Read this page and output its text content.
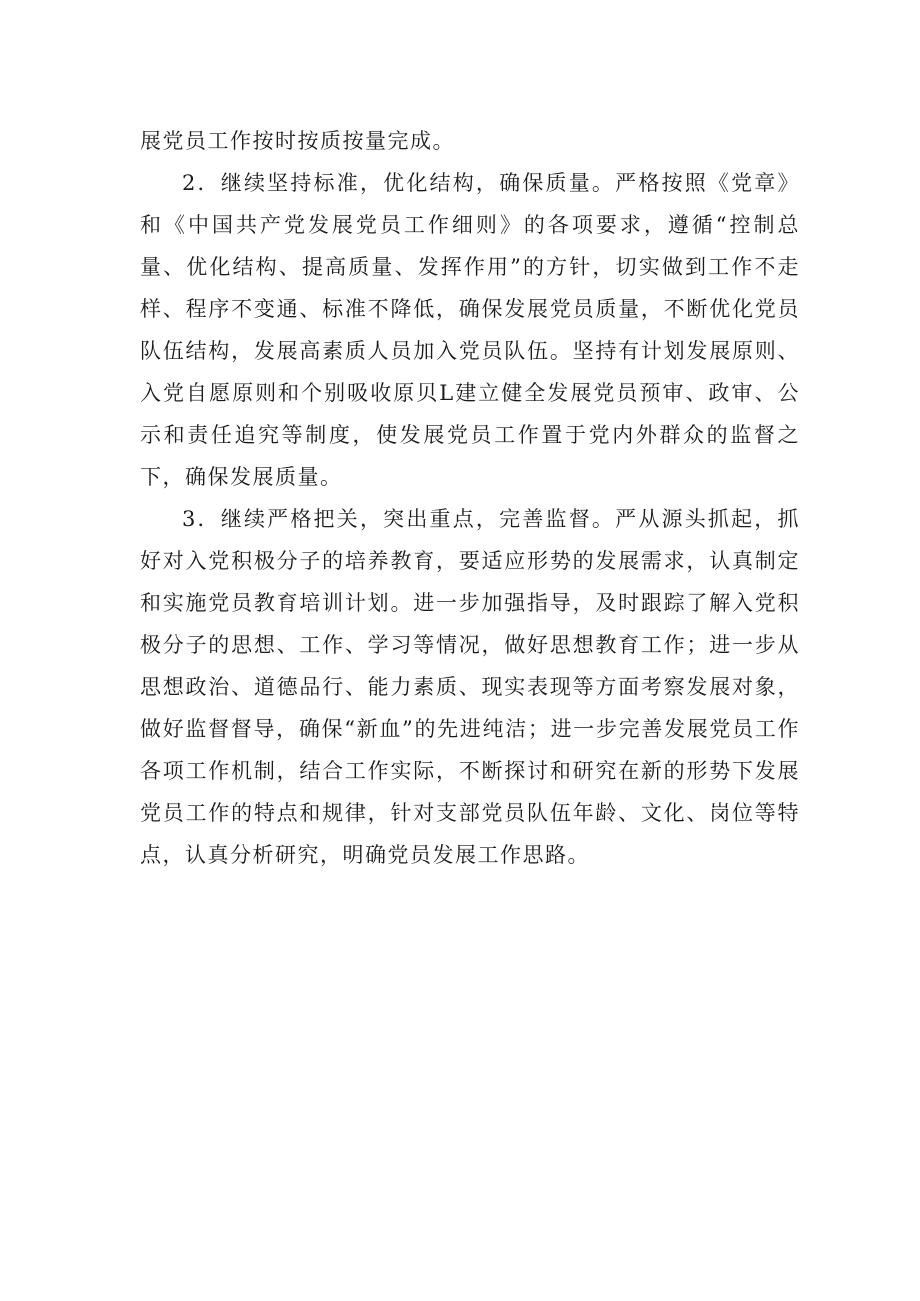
展党员工作按时按质按量完成。

2．继续坚持标准，优化结构，确保质量。严格按照《党章》和《中国共产党发展党员工作细则》的各项要求，遵循“控制总量、优化结构、提高质量、发挥作用”的方针，切实做到工作不走样、程序不变通、标准不降低，确保发展党员质量，不断优化党员队伍结构，发展高素质人员加入党员队伍。坚持有计划发展原则、入党自愿原则和个别吸收原贝L建立健全发展党员预审、政审、公示和责任追究等制度，使发展党员工作置于党内外群众的监督之下，确保发展质量。

3．继续严格把关，突出重点，完善监督。严从源头抓起，抓好对入党积极分子的培养教育，要适应形势的发展需求，认真制定和实施党员教育培训计划。进一步加强指导，及时跟踪了解入党积极分子的思想、工作、学习等情况，做好思想教育工作；进一步从思想政治、道德品行、能力素质、现实表现等方面考察发展对象，做好监督督导，确保“新血”的先进纯洁；进一步完善发展党员工作各项工作机制，结合工作实际，不断探讨和研究在新的形势下发展党员工作的特点和规律，针对支部党员队伍年龄、文化、岗位等特点，认真分析研究，明确党员发展工作思路。
